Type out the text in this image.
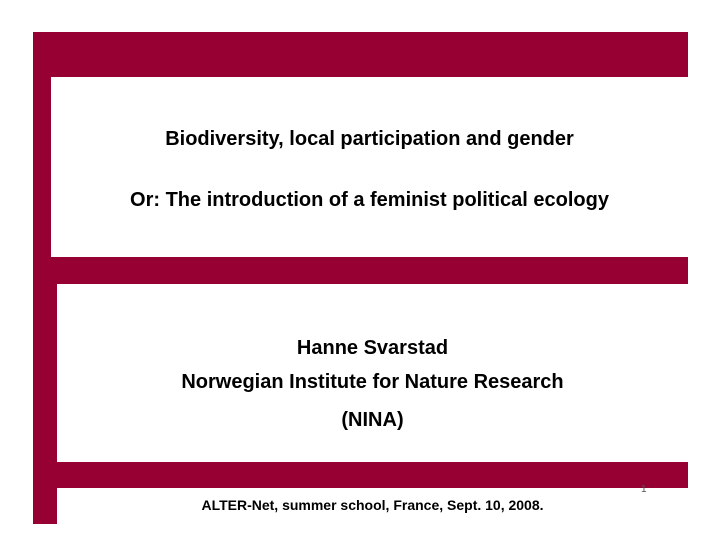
Biodiversity, local participation and gender
Or: The introduction of a feminist political ecology
Hanne Svarstad
Norwegian Institute for Nature Research
(NINA)
ALTER-Net, summer school, France, Sept. 10, 2008.
1
